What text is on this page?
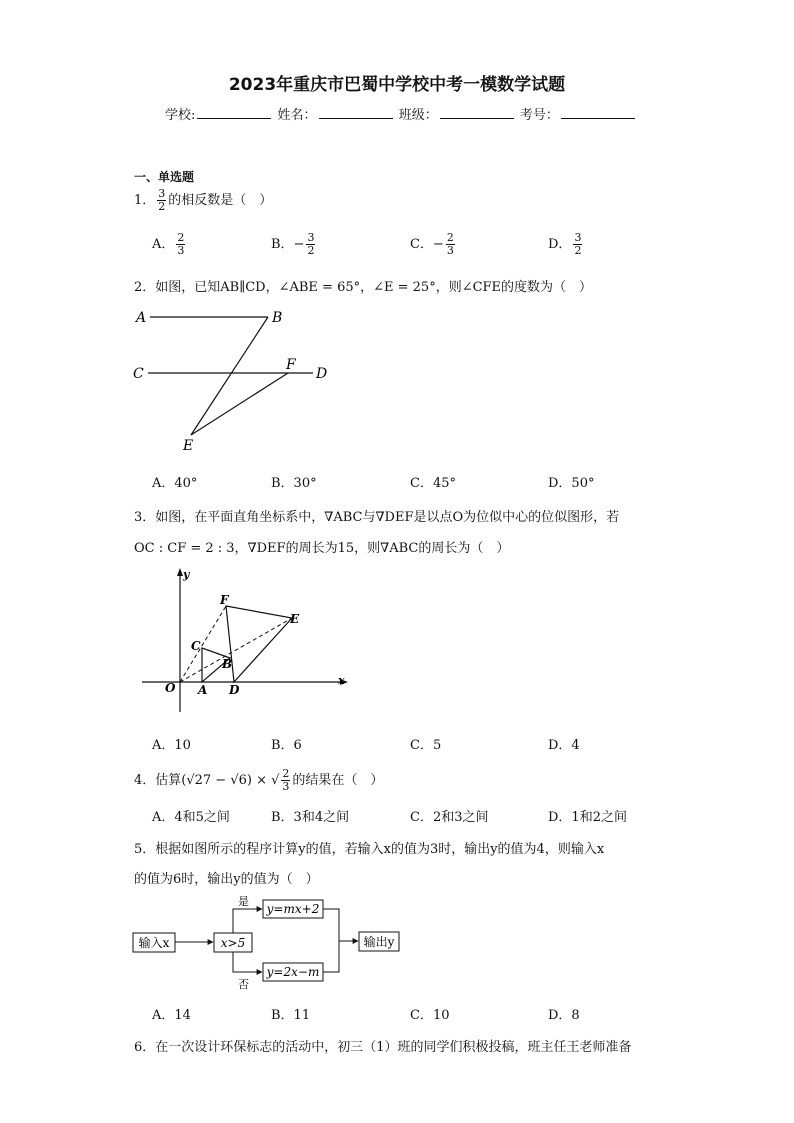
2023年重庆市巴蜀中学校中考一模数学试题
学校:	姓名：	班级：	考号：
一、单选题
1． $\frac{3}{2}$ 的相反数是（　）
A． $\frac{2}{3}$	B．− $\frac{3}{2}$	C．− $\frac{2}{3}$	D． $\frac{3}{2}$
2．如图，已知AB∥CD，∠ABE = 65°，∠E = 25°，则∠CFE的度数为（　）
A	B
C	D
F
E
A．40°	B．30°	C．45°	D．50°
3．如图，在平面直角坐标系中，∇ABC与∇DEF是以点O为位似中心的位似图形，若
OC : CF = 2 : 3，∇DEF的周长为15，则∇ABC的周长为（　）
y
x
O A D
C
B
F
E
A．10	B．6	C．5	D．4
4．估算(√27 − √6) × √ $\frac{2}{3}$ 的结果在（　）
A．4和5之间	B．3和4之间	C．2和3之间	D．1和2之间
5．根据如图所示的程序计算y的值，若输入x的值为3时，输出y的值为4，则输入x
的值为6时，输出y的值为（　）
输入x	x>5
是
否
y=mx+2
y=2x−m
输出y
A．14	B．11	C．10	D．8
6．在一次设计环保标志的活动中，初三（1）班的同学们积极投稿，班主任王老师准备
